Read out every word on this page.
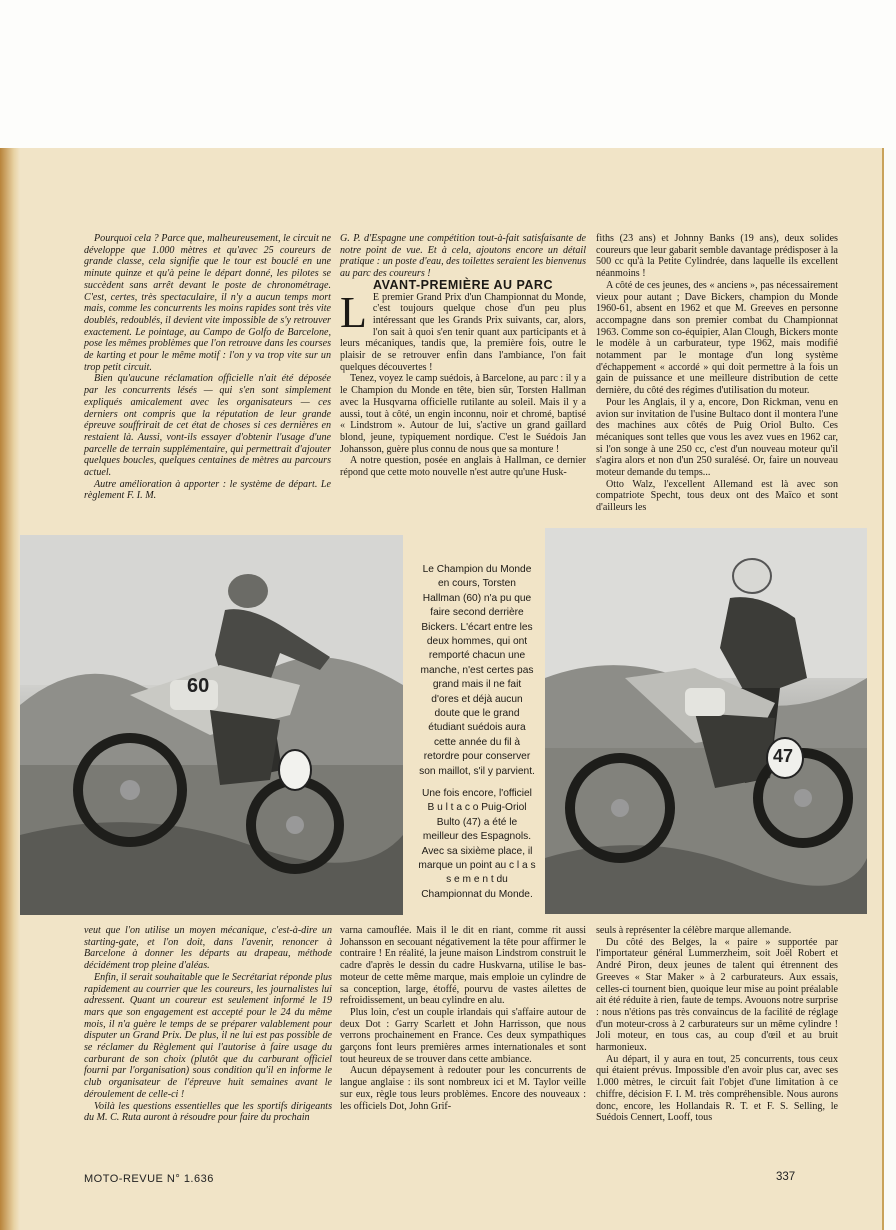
Pourquoi cela ? Parce que, malheureusement, le circuit ne développe que 1.000 mètres et qu'avec 25 coureurs de grande classe, cela signifie que le tour est bouclé en une minute quinze et qu'à peine le départ donné, les pilotes se succèdent sans arrêt devant le poste de chronométrage. C'est, certes, très spectaculaire, il n'y a aucun temps mort mais, comme les concurrents les moins rapides sont très vite doublés, redoublés, il devient vite impossible de s'y retrouver exactement. Le pointage, au Campo de Golfo de Barcelone, pose les mêmes problèmes que l'on retrouve dans les courses de karting et pour le même motif : l'on y va trop vite sur un trop petit circuit.

Bien qu'aucune réclamation officielle n'ait été déposée par les concurrents lésés — qui s'en sont simplement expliqués amicalement avec les organisateurs — ces derniers ont compris que la réputation de leur grande épreuve souffrirait de cet état de choses si ces dernières en restaient là. Aussi, vont-ils essayer d'obtenir l'usage d'une parcelle de terrain supplémentaire, qui permettrait d'ajouter quelques boucles, quelques centaines de mètres au parcours actuel.

Autre amélioration à apporter : le système de départ. Le règlement F. I. M.

G. P. d'Espagne une compétition tout-à-fait satisfaisante de notre point de vue. Et à cela, ajoutons encore un détail pratique : un poste d'eau, des toilettes seraient les bienvenus au parc des coureurs !

AVANT-PREMIÈRE AU PARC

L E premier Grand Prix d'un Championnat du Monde, c'est toujours quelque chose d'un peu plus intéressant que les Grands Prix suivants, car, alors, l'on sait à quoi s'en tenir quant aux participants et à leurs mécaniques, tandis que, la première fois, outre le plaisir de se retrouver enfin dans l'ambiance, l'on fait quelques découvertes !

Tenez, voyez le camp suédois, à Barcelone, au parc : il y a le Champion du Monde en tête, bien sûr, Torsten Hallman avec la Husqvarna officielle rutilante au soleil. Mais il y a aussi, tout à côté, un engin inconnu, noir et chromé, baptisé « Lindstrom ». Autour de lui, s'active un grand gaillard blond, jeune, typiquement nordique. C'est le Suédois Jan Johansson, guère plus connu de nous que sa monture !

A notre question, posée en anglais à Hallman, ce dernier répond que cette moto nouvelle n'est autre qu'une Husk-

fiths (23 ans) et Johnny Banks (19 ans), deux solides coureurs que leur gabarit semble davantage prédisposer à la 500 cc qu'à la Petite Cylindrée, dans laquelle ils excellent néanmoins !

A côté de ces jeunes, des « anciens », pas nécessairement vieux pour autant ; Dave Bickers, champion du Monde 1960-61, absent en 1962 et que M. Greeves en personne accompagne dans son premier combat du Championnat 1963. Comme son co-équipier, Alan Clough, Bickers monte le modèle à un carburateur, type 1962, mais modifié notamment par le montage d'un long système d'échappement « accordé » qui doit permettre à la fois un gain de puissance et une meilleure distribution de cette dernière, du côté des régimes d'utilisation du moteur.

Pour les Anglais, il y a, encore, Don Rickman, venu en avion sur invitation de l'usine Bultaco dont il montera l'une des machines aux côtés de Puig Oriol Bulto. Ces mécaniques sont telles que vous les avez vues en 1962 car, si l'on songe à une 250 cc, c'est d'un nouveau moteur qu'il s'agira alors et non d'un 250 suralésé. Or, faire un nouveau moteur demande du temps...

Otto Walz, l'excellent Allemand est là avec son compatriote Specht, tous deux ont des Maïco et sont d'ailleurs les

60
Le Champion du Monde en cours, Torsten Hallman (60) n'a pu que faire second derrière Bickers. L'écart entre les deux hommes, qui ont remporté chacun une manche, n'est certes pas grand mais il ne fait d'ores et déjà aucun doute que le grand étudiant suédois aura cette année du fil à retordre pour conserver son maillot, s'il y parvient.
Une fois encore, l'officiel B u l t a c o Puig-Oriol Bulto (47) a été le meilleur des Espagnols. Avec sa sixième place, il marque un point au c l a s s e m e n t du Championnat du Monde.
47

veut que l'on utilise un moyen mécanique, c'est-à-dire un starting-gate, et l'on doit, dans l'avenir, renoncer à Barcelone à donner les départs au drapeau, méthode décidément trop pleine d'aléas.

Enfin, il serait souhaitable que le Secrétariat réponde plus rapidement au courrier que les coureurs, les journalistes lui adressent. Quant un coureur est seulement informé le 19 mars que son engagement est accepté pour le 24 du même mois, il n'a guère le temps de se préparer valablement pour disputer un Grand Prix. De plus, il ne lui est pas possible de se réclamer du Règlement qui l'autorise à faire usage du carburant de son choix (plutôt que du carburant officiel fourni par l'organisation) sous condition qu'il en informe le club organisateur de l'épreuve huit semaines avant le déroulement de celle-ci !

Voilà les questions essentielles que les sportifs dirigeants du M. C. Ruta auront à résoudre pour faire du prochain

varna camouflée. Mais il le dit en riant, comme rit aussi Johansson en secouant négativement la tête pour affirmer le contraire ! En réalité, la jeune maison Lindstrom construit le cadre d'après le dessin du cadre Huskvarna, utilise le bas-moteur de cette même marque, mais emploie un cylindre de sa conception, large, étoffé, pourvu de vastes ailettes de refroidissement, un beau cylindre en alu.

Plus loin, c'est un couple irlandais qui s'affaire autour de deux Dot : Garry Scarlett et John Harrisson, que nous verrons prochainement en France. Ces deux sympathiques garçons font leurs premières armes internationales et sont tout heureux de se trouver dans cette ambiance.

Aucun dépaysement à redouter pour les concurrents de langue anglaise : ils sont nombreux ici et M. Taylor veille sur eux, règle tous leurs problèmes. Encore des nouveaux : les officiels Dot, John Grif-

seuls à représenter la célèbre marque allemande.

Du côté des Belges, la « paire » supportée par l'importateur général Lummerzheim, soit Joël Robert et André Piron, deux jeunes de talent qui étrennent des Greeves « Star Maker » à 2 carburateurs. Aux essais, celles-ci tournent bien, quoique leur mise au point préalable ait été réduite à rien, faute de temps. Avouons notre surprise : nous n'étions pas très convaincus de la facilité de réglage d'un moteur-cross à 2 carburateurs sur un même cylindre ! Joli moteur, en tous cas, au coup d'œil et au bruit harmonieux.

Au départ, il y aura en tout, 25 concurrents, tous ceux qui étaient prévus. Impossible d'en avoir plus car, avec ses 1.000 mètres, le circuit fait l'objet d'une limitation à ce chiffre, décision F. I. M. très compréhensible. Nous aurons donc, encore, les Hollandais R. T. et F. S. Selling, le Suédois Cennert, Looff, tous

MOTO-REVUE N° 1.636	337
